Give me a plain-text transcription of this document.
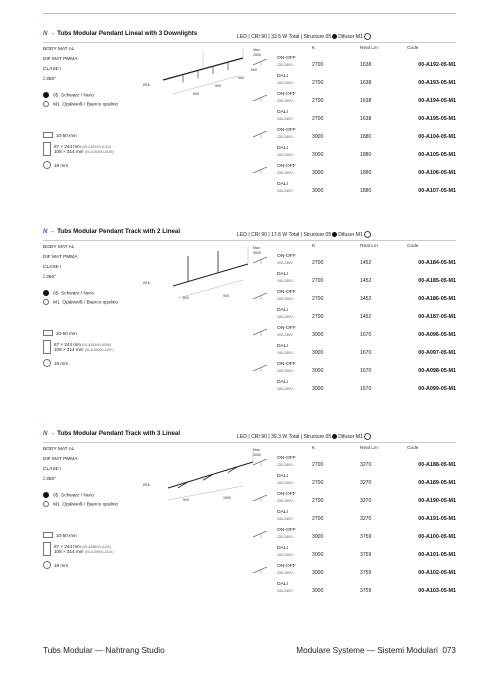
N → Tubs Modular Pendant Lineal with 3 Downlights	LED | CRI 90 | 33.5 W Total | Structure 05 Difusor M1
BODY MAT AL
DIF MAT PMMA
CLASE I
⟟ 360°
05 Schwarz / Nero
M1 Opalweiß / Bianco opalino
10-50 mm
87 × 244 mm (00-A192/00-A104)
108 × 314 mm (00-A193/00-A105)
18 mm
Ø16
Max.
2500
600
900
900
600
K	Real Lm	Code
ON-OFF
220-240V	2700	1638	00-A192-05-M1
DALI
100-240V	2700	1638	00-A193-05-M1
ON-OFF
220-240V	2700	1638	00-A194-05-M1
DALI
100-240V	2700	1638	00-A195-05-M1
ON-OFF
220-240V	3000	1880	00-A104-05-M1
DALI
100-240V	3000	1880	00-A105-05-M1
ON-OFF
220-240V	3000	1880	00-A106-05-M1
DALI
100-240V	3000	1880	00-A107-05-M1
N → Tubs Modular Pendant Track with 2 Lineal	LED | CRI 90 | 17.6 W Total | Structure 05 Difusor M1
BODY MAT AL
DIF MAT PMMA
CLASE I
⟟ 360°
05 Schwarz / Nero
M1 Opalweiß / Bianco opalino
10-50 mm
87 × 244 mm (00-A184/00-A096)
108 × 314 mm (00-A185/00-A097)
18 mm
Ø16
Max.
3000
600	900
K	Real Lm	Code
ON-OFF
220-240V	2700	1452	00-A184-05-M1
DALI
100-240V	2700	1452	00-A185-05-M1
ON-OFF
220-240V	2700	1452	00-A186-05-M1
DALI
100-240V	2700	1452	00-A187-05-M1
ON-OFF
220-240V	3000	1670	00-A096-05-M1
DALI
100-240V	3000	1670	00-A097-05-M1
ON-OFF
220-240V	3000	1670	00-A098-05-M1
DALI
100-240V	3000	1670	00-A099-05-M1
N → Tubs Modular Pendant Track with 3 Lineal	LED | CRI 90 | 39.3 W Total | Structure 05 Difusor M1
BODY MAT AL
DIF MAT PMMA
CLASE I
⟟ 360°
05 Schwarz / Nero
M1 Opalweiß / Bianco opalino
10-50 mm
87 × 244 mm (00-A188/00-A100)
108 × 314 mm (00-A189/00-A101)
18 mm
Ø16
Max.
3000
900	1500
K	Real Lm	Code
ON-OFF
220-240V	2700	3270	00-A188-05-M1
DALI
100-240V	2700	3270	00-A189-05-M1
ON-OFF
220-240V	2700	3270	00-A190-05-M1
DALI
100-240V	2700	3270	00-A191-05-M1
ON-OFF
220-240V	3000	3759	00-A100-05-M1
DALI
100-240V	3000	3759	00-A101-05-M1
ON-OFF
220-240V	3000	3759	00-A102-05-M1
DALI
100-240V	3000	3759	00-A103-05-M1
Tubs Modular — Nahtrang Studio	Modulare Systeme — Sistemi Modulari 073
